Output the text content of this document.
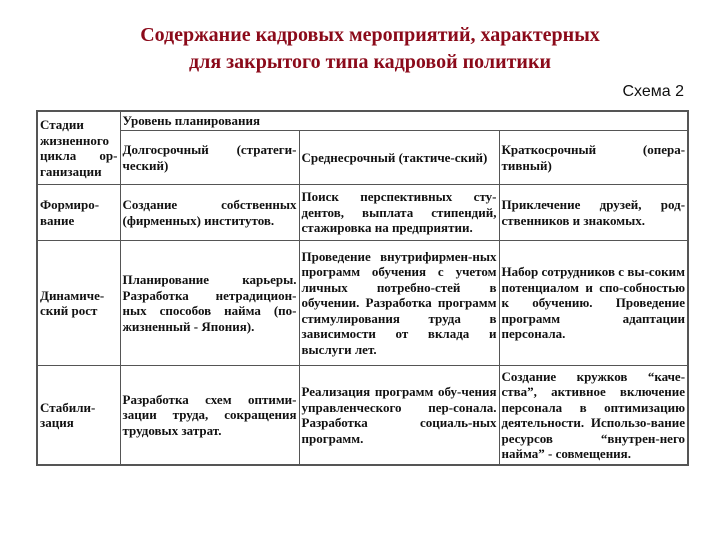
Содержание кадровых мероприятий, характерных
для закрытого типа кадровой политики
Схема 2
Стадии жизненного цикла ор-ганизации	Уровень планирования		
	Долгосрочный (стратеги-ческий)	Среднесрочный (тактиче-ский)	Краткосрочный (опера-тивный)
Формиро-вание	Создание собственных (фирменных) институтов.	Поиск перспективных сту-дентов, выплата стипендий, стажировка на предприятии.	Приклечение друзей, род-ственников и знакомых.
Динамиче-ский рост	Планирование карьеры. Разработка нетрадицион-ных способов найма (по-жизненный - Япония).	Проведение внутрифирмен-ных программ обучения с учетом личных потребно-стей в обучении. Разработка программ стимулирования труда в зависимости от вклада и выслуги лет.	Набор сотрудников с вы-соким потенциалом и спо-собностью к обучению. Проведение программ адаптации персонала.
Стабили-зация	Разработка схем оптими-зации труда, сокращения трудовых затрат.	Реализация программ обу-чения управленческого пер-сонала. Разработка социаль-ных программ.	Создание кружков “каче-ства”, активное включение персонала в оптимизацию деятельности. Использо-вание ресурсов “внутрен-него найма” - совмещения.
